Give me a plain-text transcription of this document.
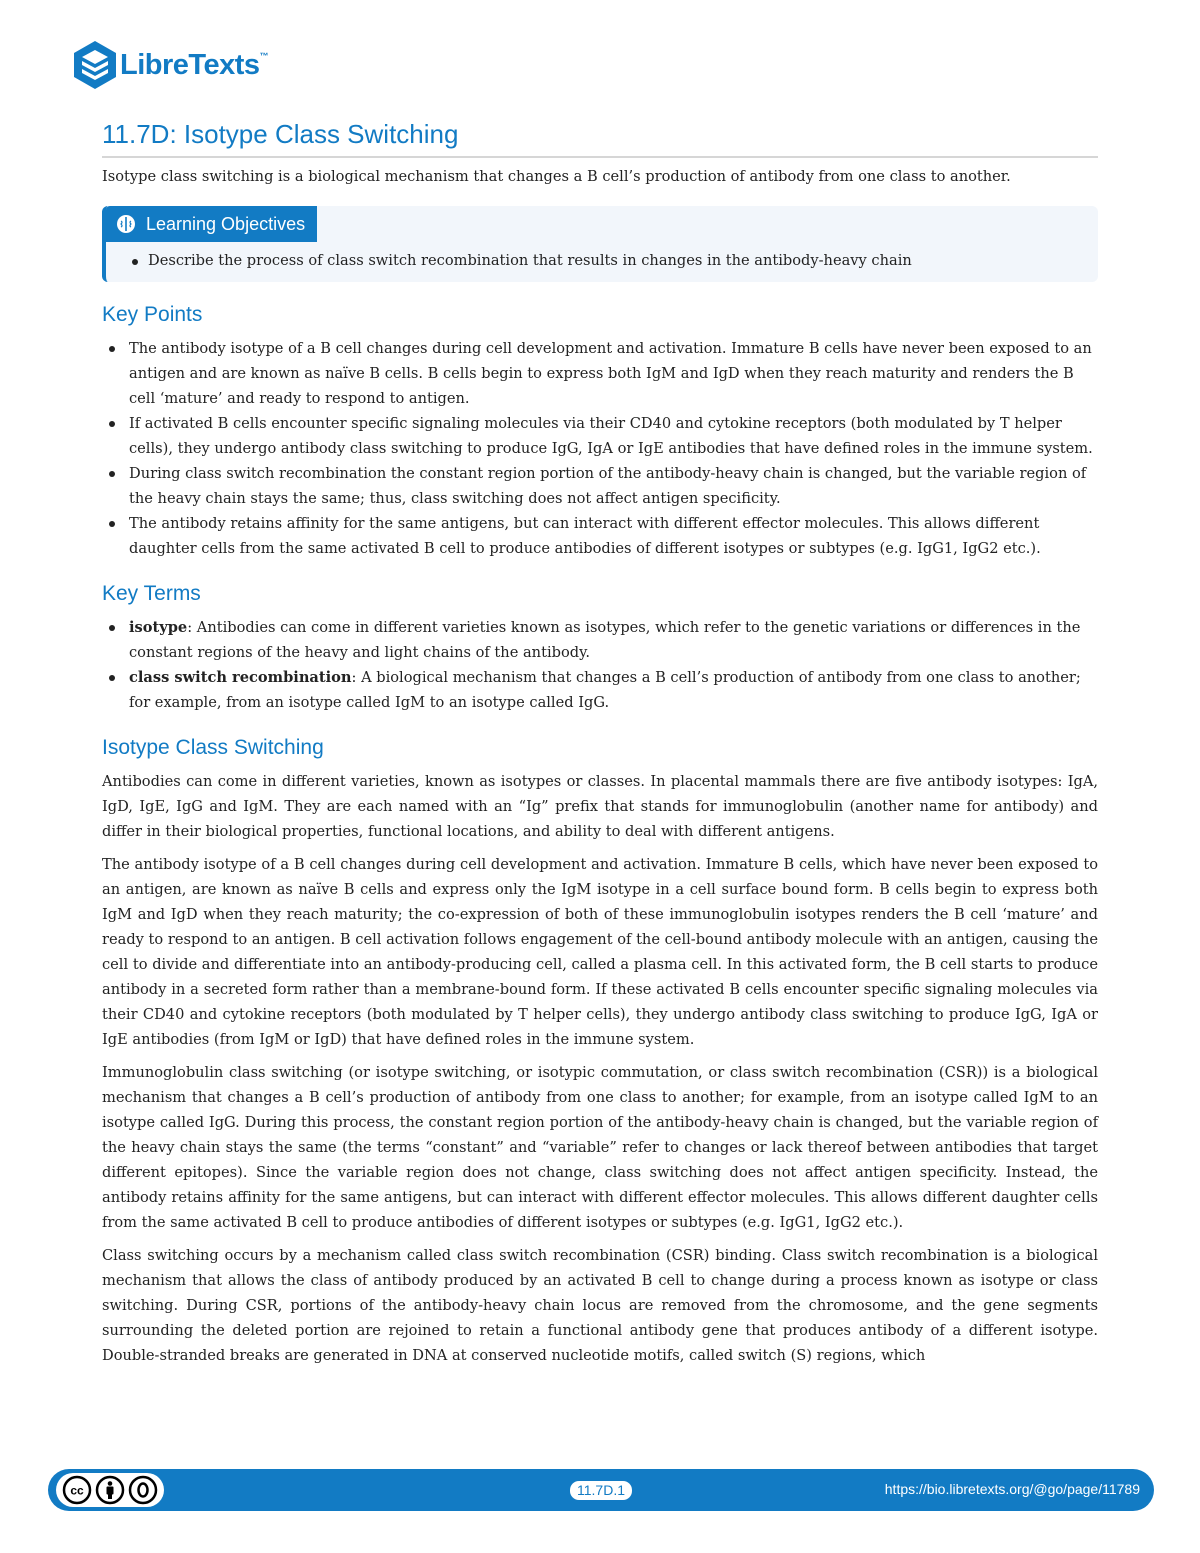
LibreTexts™
11.7D: Isotype Class Switching

Isotype class switching is a biological mechanism that changes a B cell’s production of antibody from one class to another.

Learning Objectives
Describe the process of class switch recombination that results in changes in the antibody-heavy chain
Key Points
The antibody isotype of a B cell changes during cell development and activation. Immature B cells have never been exposed to an antigen and are known as naïve B cells. B cells begin to express both IgM and IgD when they reach maturity and renders the B cell ‘mature’ and ready to respond to antigen.
If activated B cells encounter specific signaling molecules via their CD40 and cytokine receptors (both modulated by T helper cells), they undergo antibody class switching to produce IgG, IgA or IgE antibodies that have defined roles in the immune system.
During class switch recombination the constant region portion of the antibody-heavy chain is changed, but the variable region of the heavy chain stays the same; thus, class switching does not affect antigen specificity.
The antibody retains affinity for the same antigens, but can interact with different effector molecules. This allows different daughter cells from the same activated B cell to produce antibodies of different isotypes or subtypes (e.g. IgG1, IgG2 etc.).
Key Terms
isotype: Antibodies can come in different varieties known as isotypes, which refer to the genetic variations or differences in the constant regions of the heavy and light chains of the antibody.
class switch recombination: A biological mechanism that changes a B cell’s production of antibody from one class to another; for example, from an isotype called IgM to an isotype called IgG.
Isotype Class Switching

Antibodies can come in different varieties, known as isotypes or classes. In placental mammals there are five antibody isotypes: IgA, IgD, IgE, IgG and IgM. They are each named with an “Ig” prefix that stands for immunoglobulin (another name for antibody) and differ in their biological properties, functional locations, and ability to deal with different antigens.

The antibody isotype of a B cell changes during cell development and activation. Immature B cells, which have never been exposed to an antigen, are known as naïve B cells and express only the IgM isotype in a cell surface bound form. B cells begin to express both IgM and IgD when they reach maturity; the co-expression of both of these immunoglobulin isotypes renders the B cell ‘mature’ and ready to respond to an antigen. B cell activation follows engagement of the cell-bound antibody molecule with an antigen, causing the cell to divide and differentiate into an antibody-producing cell, called a plasma cell. In this activated form, the B cell starts to produce antibody in a secreted form rather than a membrane-bound form. If these activated B cells encounter specific signaling molecules via their CD40 and cytokine receptors (both modulated by T helper cells), they undergo antibody class switching to produce IgG, IgA or IgE antibodies (from IgM or IgD) that have defined roles in the immune system.

Immunoglobulin class switching (or isotype switching, or isotypic commutation, or class switch recombination (CSR)) is a biological mechanism that changes a B cell’s production of antibody from one class to another; for example, from an isotype called IgM to an isotype called IgG. During this process, the constant region portion of the antibody-heavy chain is changed, but the variable region of the heavy chain stays the same (the terms “constant” and “variable” refer to changes or lack thereof between antibodies that target different epitopes). Since the variable region does not change, class switching does not affect antigen specificity. Instead, the antibody retains affinity for the same antigens, but can interact with different effector molecules. This allows different daughter cells from the same activated B cell to produce antibodies of different isotypes or subtypes (e.g. IgG1, IgG2 etc.).

Class switching occurs by a mechanism called class switch recombination (CSR) binding. Class switch recombination is a biological mechanism that allows the class of antibody produced by an activated B cell to change during a process known as isotype or class switching. During CSR, portions of the antibody-heavy chain locus are removed from the chromosome, and the gene segments surrounding the deleted portion are rejoined to retain a functional antibody gene that produces antibody of a different isotype. Double-stranded breaks are generated in DNA at conserved nucleotide motifs, called switch (S) regions, which

cc	11.7D.1	https://bio.libretexts.org/@go/page/11789
